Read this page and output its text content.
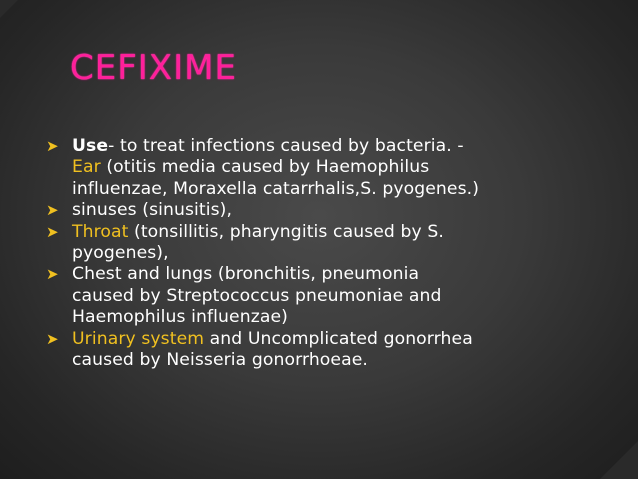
CEFIXIME
➤ Use- to treat infections caused by bacteria. -
Ear (otitis media caused by Haemophilus
influenzae, Moraxella catarrhalis,S. pyogenes.)
➤ sinuses (sinusitis),
➤ Throat (tonsillitis, pharyngitis caused by S.
pyogenes),
➤ Chest and lungs (bronchitis, pneumonia
caused by Streptococcus pneumoniae and
Haemophilus influenzae)
➤ Urinary system and Uncomplicated gonorrhea
caused by Neisseria gonorrhoeae.
